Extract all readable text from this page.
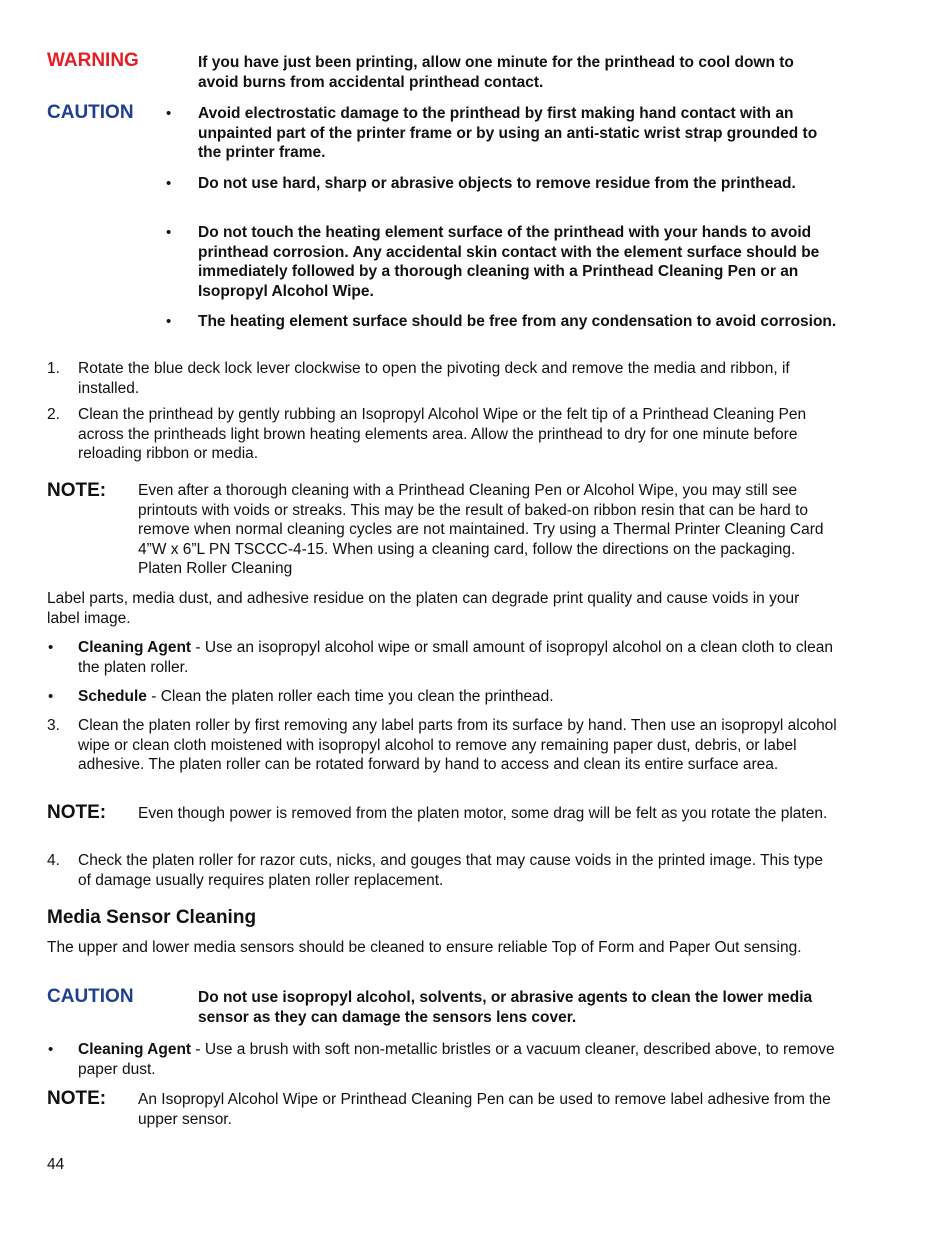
WARNING	If you have just been printing, allow one minute for the printhead to cool down to avoid burns from accidental printhead contact.
CAUTION • Avoid electrostatic damage to the printhead by first making hand contact with an unpainted part of the printer frame or by using an anti-static wrist strap grounded to the printer frame.
• Do not use hard, sharp or abrasive objects to remove residue from the printhead.
• Do not touch the heating element surface of the printhead with your hands to avoid printhead corrosion. Any accidental skin contact with the element surface should be immediately followed by a thorough cleaning with a Printhead Cleaning Pen or an Isopropyl Alcohol Wipe.
• The heating element surface should be free from any condensation to avoid corrosion.
1. Rotate the blue deck lock lever clockwise to open the pivoting deck and remove the media and ribbon, if installed.
2. Clean the printhead by gently rubbing an Isopropyl Alcohol Wipe or the felt tip of a Printhead Cleaning Pen across the printheads light brown heating elements area. Allow the printhead to dry for one minute before reloading ribbon or media.
NOTE: Even after a thorough cleaning with a Printhead Cleaning Pen or Alcohol Wipe, you may still see printouts with voids or streaks. This may be the result of baked-on ribbon resin that can be hard to remove when normal cleaning cycles are not maintained. Try using a Thermal Printer Cleaning Card 4”W x 6”L PN TSCCC-4-15. When using a cleaning card, follow the directions on the packaging. Platen Roller Cleaning
Label parts, media dust, and adhesive residue on the platen can degrade print quality and cause voids in your label image.
• Cleaning Agent - Use an isopropyl alcohol wipe or small amount of isopropyl alcohol on a clean cloth to clean the platen roller.
• Schedule - Clean the platen roller each time you clean the printhead.
3. Clean the platen roller by first removing any label parts from its surface by hand. Then use an isopropyl alcohol wipe or clean cloth moistened with isopropyl alcohol to remove any remaining paper dust, debris, or label adhesive. The platen roller can be rotated forward by hand to access and clean its entire surface area.
NOTE: Even though power is removed from the platen motor, some drag will be felt as you rotate the platen.
4. Check the platen roller for razor cuts, nicks, and gouges that may cause voids in the printed image. This type of damage usually requires platen roller replacement.
Media Sensor Cleaning
The upper and lower media sensors should be cleaned to ensure reliable Top of Form and Paper Out sensing.
CAUTION	Do not use isopropyl alcohol, solvents, or abrasive agents to clean the lower media sensor as they can damage the sensors lens cover.
• Cleaning Agent - Use a brush with soft non-metallic bristles or a vacuum cleaner, described above, to remove paper dust.
NOTE: An Isopropyl Alcohol Wipe or Printhead Cleaning Pen can be used to remove label adhesive from the upper sensor.
44
